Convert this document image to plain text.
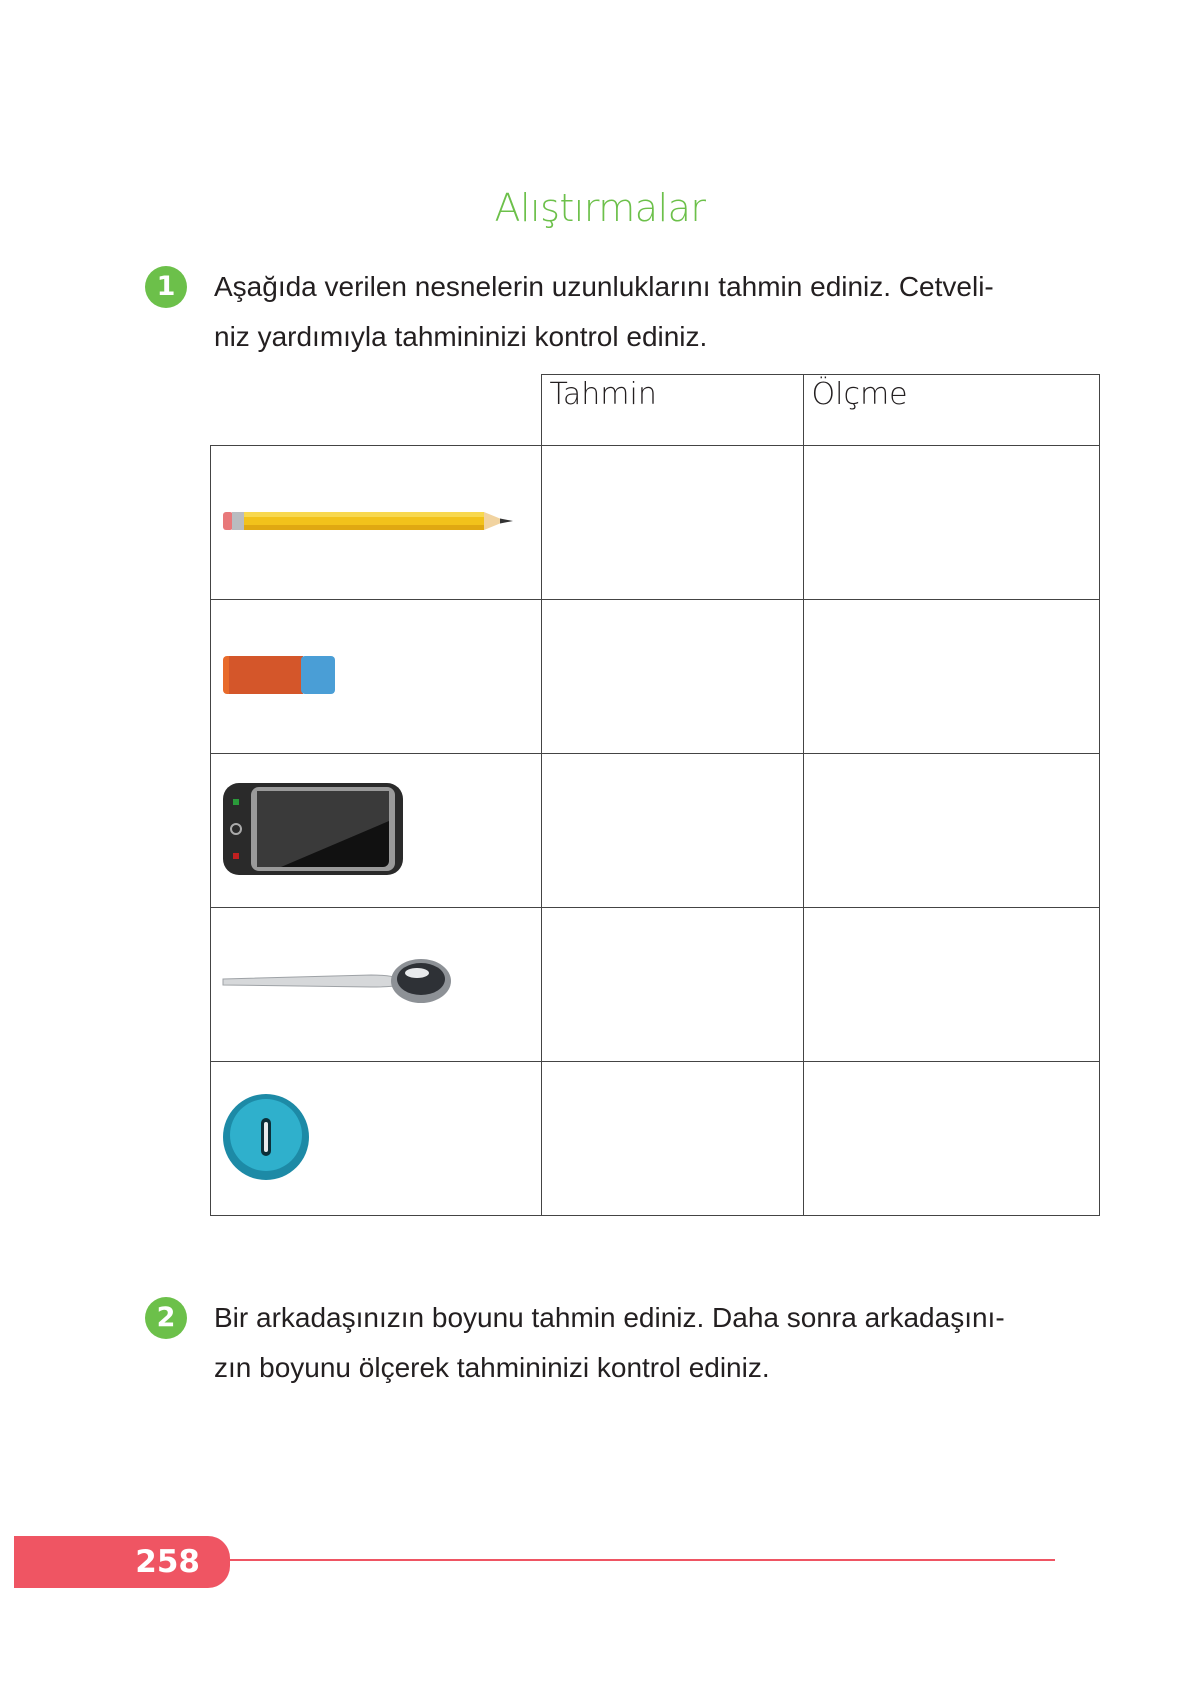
Alıştırmalar
1	Aşağıda verilen nesnelerin uzunluklarını tahmin ediniz. Cetveli-
niz yardımıyla tahmininizi kontrol ediniz.
	Tahmin	Ölçme

2	Bir arkadaşınızın boyunu tahmin ediniz. Daha sonra arkadaşını-
zın boyunu ölçerek tahmininizi kontrol ediniz.
258
